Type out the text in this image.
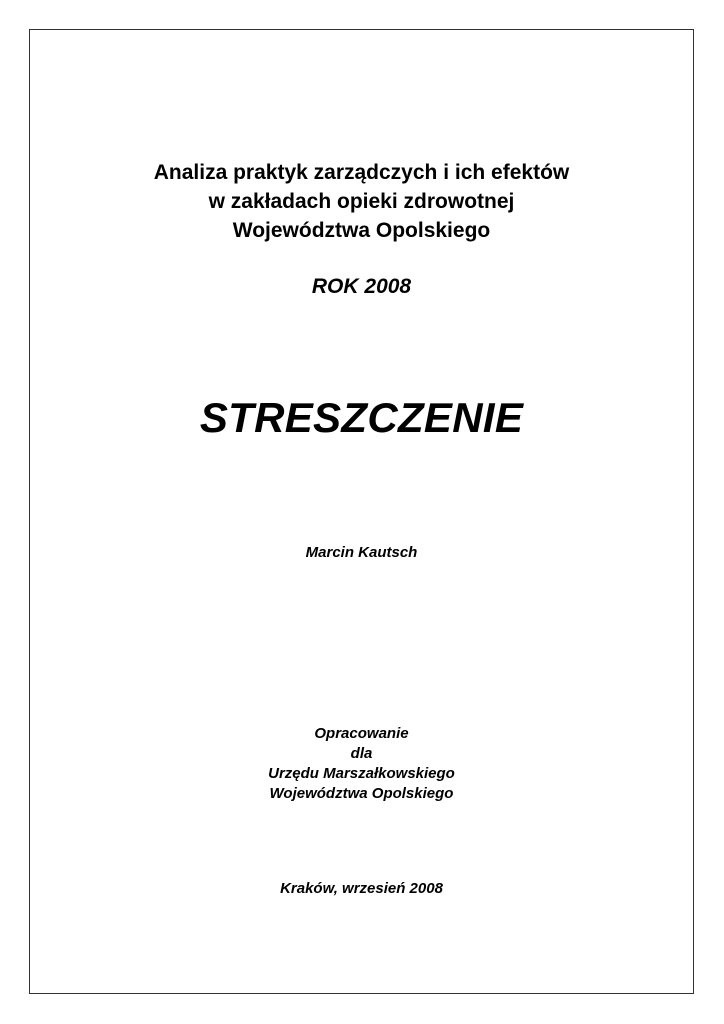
Analiza praktyk zarządczych i ich efektów
w zakładach opieki zdrowotnej
Województwa Opolskiego
ROK 2008
STRESZCZENIE
Marcin Kautsch
Opracowanie
dla
Urzędu Marszałkowskiego
Województwa Opolskiego
Kraków, wrzesień 2008
